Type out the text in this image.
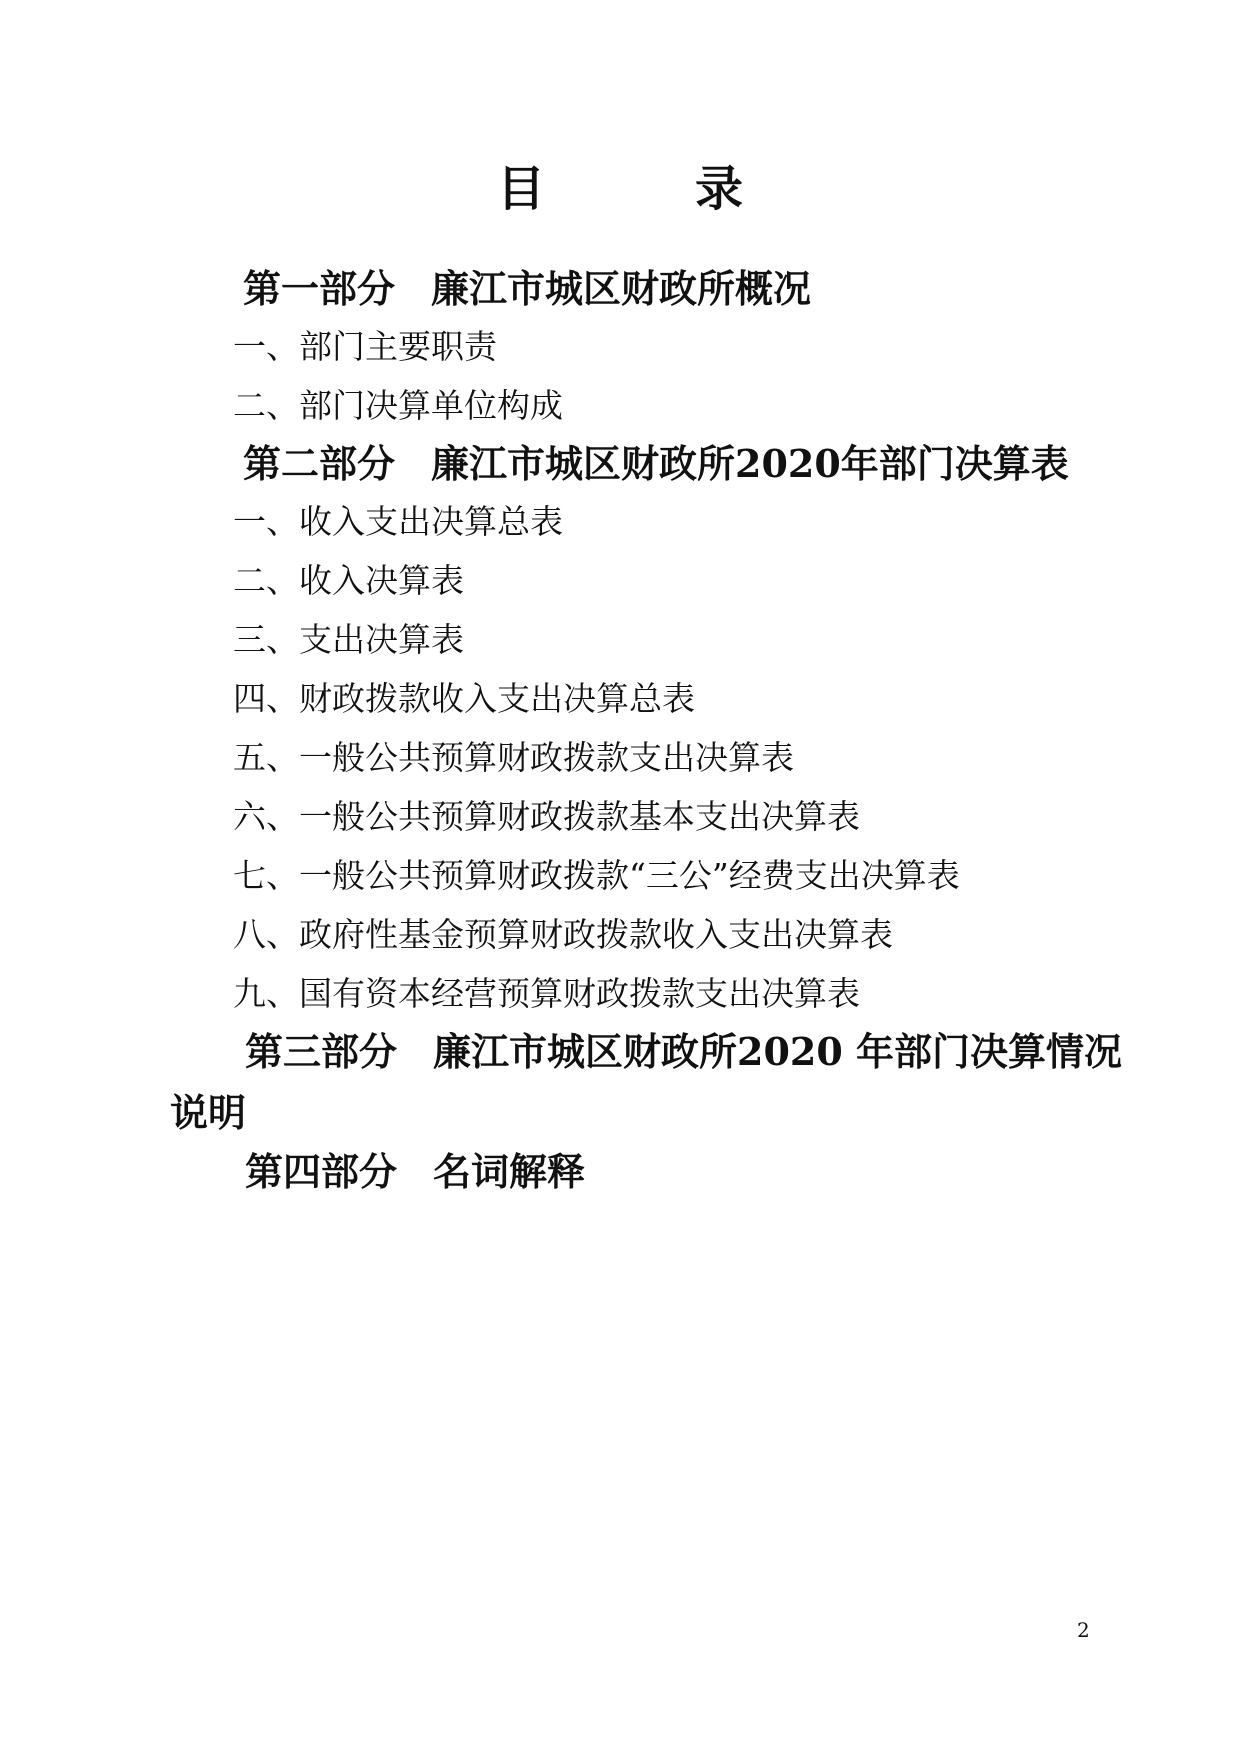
目	录
第一部分 廉江市城区财政所概况
一、部门主要职责
二、部门决算单位构成
第二部分 廉江市城区财政所2020年部门决算表
一、收入支出决算总表
二、收入决算表
三、支出决算表
四、财政拨款收入支出决算总表
五、一般公共预算财政拨款支出决算表
六、一般公共预算财政拨款基本支出决算表
七、一般公共预算财政拨款“三公”经费支出决算表
八、政府性基金预算财政拨款收入支出决算表
九、国有资本经营预算财政拨款支出决算表
第三部分 廉江市城区财政所2020 年部门决算情况
说明
第四部分 名词解释
2
